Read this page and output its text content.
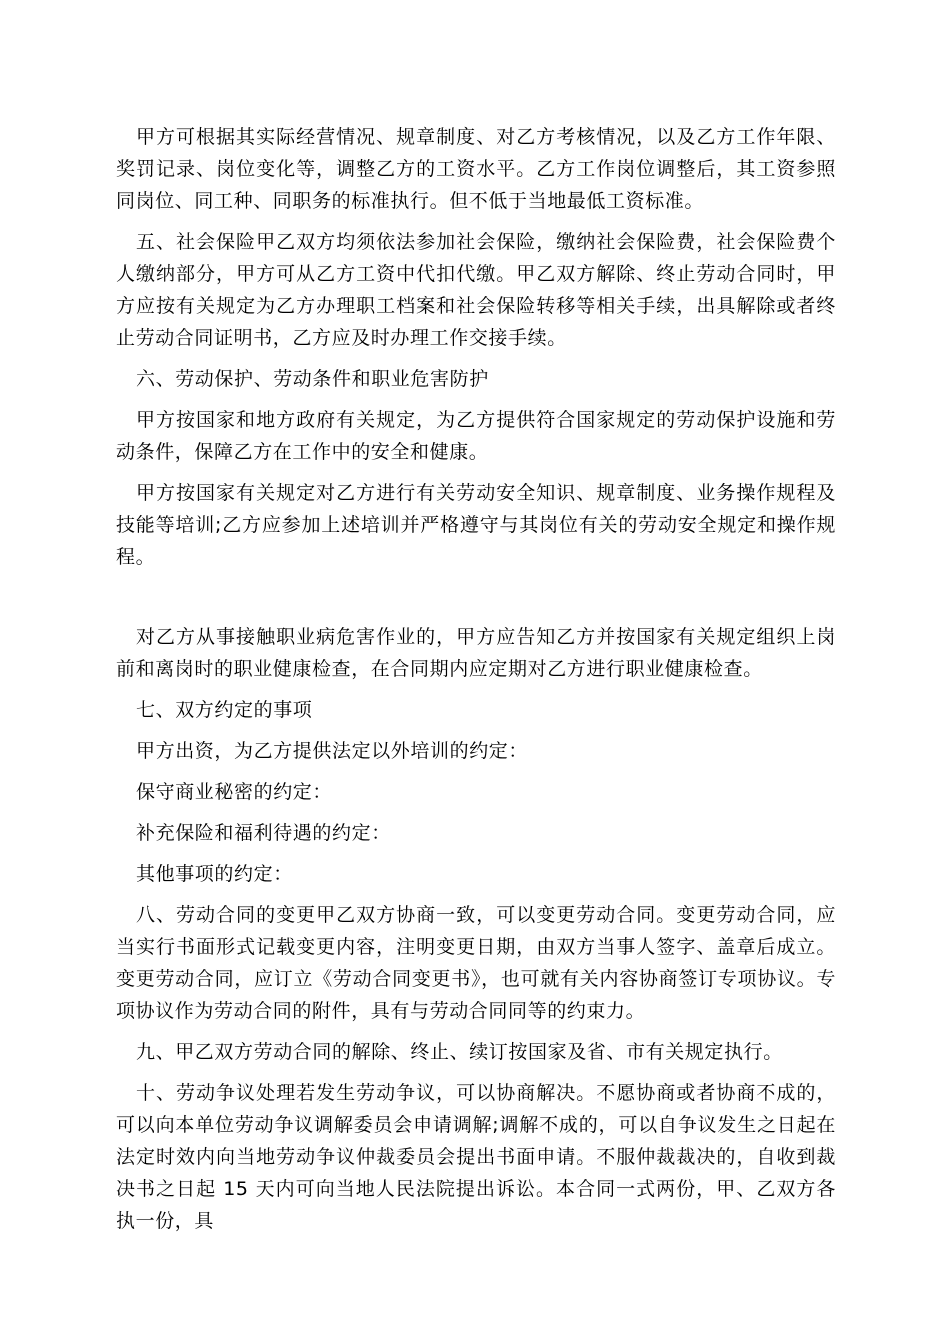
甲方可根据其实际经营情况、规章制度、对乙方考核情况，以及乙方工作年限、奖罚记录、岗位变化等，调整乙方的工资水平。乙方工作岗位调整后，其工资参照同岗位、同工种、同职务的标准执行。但不低于当地最低工资标准。

五、社会保险甲乙双方均须依法参加社会保险，缴纳社会保险费，社会保险费个人缴纳部分，甲方可从乙方工资中代扣代缴。甲乙双方解除、终止劳动合同时，甲方应按有关规定为乙方办理职工档案和社会保险转移等相关手续，出具解除或者终止劳动合同证明书，乙方应及时办理工作交接手续。

六、劳动保护、劳动条件和职业危害防护

甲方按国家和地方政府有关规定，为乙方提供符合国家规定的劳动保护设施和劳动条件，保障乙方在工作中的安全和健康。

甲方按国家有关规定对乙方进行有关劳动安全知识、规章制度、业务操作规程及技能等培训;乙方应参加上述培训并严格遵守与其岗位有关的劳动安全规定和操作规程。

对乙方从事接触职业病危害作业的，甲方应告知乙方并按国家有关规定组织上岗前和离岗时的职业健康检查，在合同期内应定期对乙方进行职业健康检查。

七、双方约定的事项

甲方出资，为乙方提供法定以外培训的约定：

保守商业秘密的约定：

补充保险和福利待遇的约定：

其他事项的约定：

八、劳动合同的变更甲乙双方协商一致，可以变更劳动合同。变更劳动合同，应当实行书面形式记载变更内容，注明变更日期，由双方当事人签字、盖章后成立。变更劳动合同，应订立《劳动合同变更书》，也可就有关内容协商签订专项协议。专项协议作为劳动合同的附件，具有与劳动合同同等的约束力。

九、甲乙双方劳动合同的解除、终止、续订按国家及省、市有关规定执行。

十、劳动争议处理若发生劳动争议，可以协商解决。不愿协商或者协商不成的，可以向本单位劳动争议调解委员会申请调解;调解不成的，可以自争议发生之日起在法定时效内向当地劳动争议仲裁委员会提出书面申请。不服仲裁裁决的，自收到裁决书之日起 15 天内可向当地人民法院提出诉讼。本合同一式两份，甲、乙双方各执一份，具
